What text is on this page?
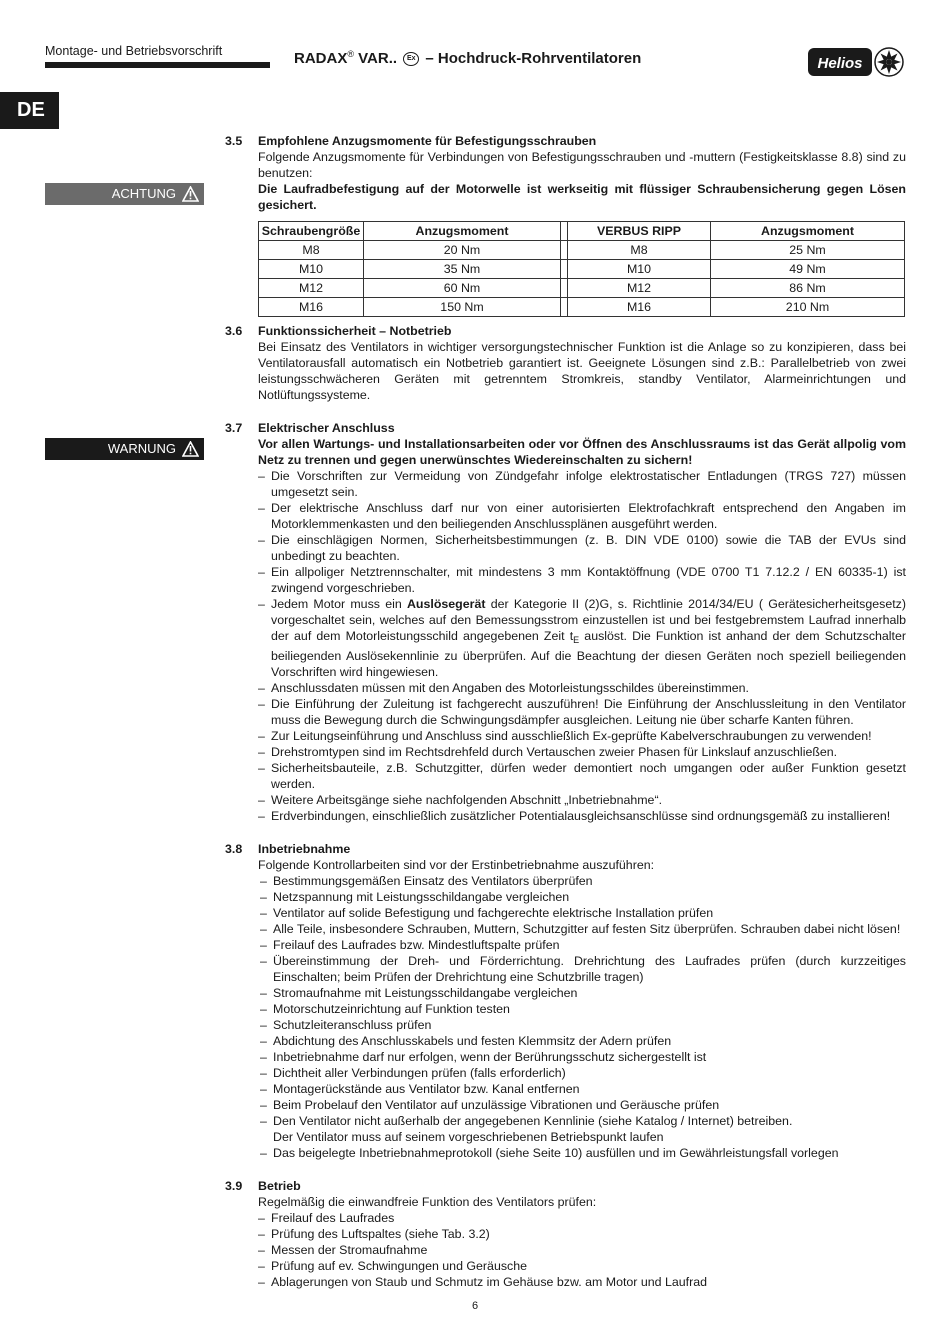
Montage- und Betriebsvorschrift	RADAX® VAR.. Ex – Hochdruck-Rohrventilatoren	Helios
DE
ACHTUNG
WARNUNG
3.5	Empfohlene Anzugsmomente für Befestigungsschrauben
Folgende Anzugsmomente für Verbindungen von Befestigungsschrauben und -muttern (Festigkeitsklasse 8.8) sind zu benutzen:
Die Laufradbefestigung auf der Motorwelle ist werkseitig mit flüssiger Schraubensicherung gegen Lösen gesichert.
Schraubengröße	Anzugsmoment		VERBUS RIPP	Anzugsmoment
M8	20 Nm		M8	25 Nm
M10	35 Nm		M10	49 Nm
M12	60 Nm		M12	86 Nm
M16	150 Nm		M16	210 Nm
3.6	Funktionssicherheit – Notbetrieb
Bei Einsatz des Ventilators in wichtiger versorgungstechnischer Funktion ist die Anlage so zu konzipieren, dass bei Ventilatorausfall automatisch ein Notbetrieb garantiert ist. Geeignete Lösungen sind z.B.: Parallelbetrieb von zwei leistungsschwächeren Geräten mit getrenntem Stromkreis, standby Ventilator, Alarmeinrichtungen und Notlüftungssysteme.
3.7	Elektrischer Anschluss
Vor allen Wartungs- und Installationsarbeiten oder vor Öffnen des Anschlussraums ist das Gerät allpolig vom Netz zu trennen und gegen unerwünschtes Wiedereinschalten zu sichern!
– Die Vorschriften zur Vermeidung von Zündgefahr infolge elektrostatischer Entladungen (TRGS 727) müssen umgesetzt sein.
– Der elektrische Anschluss darf nur von einer autorisierten Elektrofachkraft entsprechend den Angaben im Motorklemmenkasten und den beiliegenden Anschlussplänen ausgeführt werden.
– Die einschlägigen Normen, Sicherheitsbestimmungen (z. B. DIN VDE 0100) sowie die TAB der EVUs sind unbedingt zu beachten.
– Ein allpoliger Netztrennschalter, mit mindestens 3 mm Kontaktöffnung (VDE 0700 T1 7.12.2 / EN 60335-1) ist zwingend vorgeschrieben.
– Jedem Motor muss ein Auslösegerät der Kategorie II (2)G, s. Richtlinie 2014/34/EU ( Gerätesicherheitsgesetz) vorgeschaltet sein, welches auf den Bemessungsstrom einzustellen ist und bei festgebremstem Laufrad innerhalb der auf dem Motorleistungsschild angegebenen Zeit $t_E$ auslöst. Die Funktion ist anhand der dem Schutzschalter beiliegenden Auslösekennlinie zu überprüfen. Auf die Beachtung der diesen Geräten noch speziell beiliegenden Vorschriften wird hingewiesen.
– Anschlussdaten müssen mit den Angaben des Motorleistungsschildes übereinstimmen.
– Die Einführung der Zuleitung ist fachgerecht auszuführen! Die Einführung der Anschlussleitung in den Ventilator muss die Bewegung durch die Schwingungsdämpfer ausgleichen. Leitung nie über scharfe Kanten führen.
– Zur Leitungseinführung und Anschluss sind ausschließlich Ex-geprüfte Kabelverschraubungen zu verwenden!
– Drehstromtypen sind im Rechtsdrehfeld durch Vertauschen zweier Phasen für Linkslauf anzuschließen.
– Sicherheitsbauteile, z.B. Schutzgitter, dürfen weder demontiert noch umgangen oder außer Funktion gesetzt werden.
– Weitere Arbeitsgänge siehe nachfolgenden Abschnitt „Inbetriebnahme“.
– Erdverbindungen, einschließlich zusätzlicher Potentialausgleichsanschlüsse sind ordnungsgemäß zu installieren!
3.8	Inbetriebnahme
Folgende Kontrollarbeiten sind vor der Erstinbetriebnahme auszuführen:
– Bestimmungsgemäßen Einsatz des Ventilators überprüfen
– Netzspannung mit Leistungsschildangabe vergleichen
– Ventilator auf solide Befestigung und fachgerechte elektrische Installation prüfen
– Alle Teile, insbesondere Schrauben, Muttern, Schutzgitter auf festen Sitz überprüfen. Schrauben dabei nicht lösen!
– Freilauf des Laufrades bzw. Mindestluftspalte prüfen
– Übereinstimmung der Dreh- und Förderrichtung. Drehrichtung des Laufrades prüfen (durch kurzzeitiges Einschalten; beim Prüfen der Drehrichtung eine Schutzbrille tragen)
– Stromaufnahme mit Leistungsschildangabe vergleichen
– Motorschutzeinrichtung auf Funktion testen
– Schutzleiteranschluss prüfen
– Abdichtung des Anschlusskabels und festen Klemmsitz der Adern prüfen
– Inbetriebnahme darf nur erfolgen, wenn der Berührungsschutz sichergestellt ist
– Dichtheit aller Verbindungen prüfen (falls erforderlich)
– Montagerückstände aus Ventilator bzw. Kanal entfernen
– Beim Probelauf den Ventilator auf unzulässige Vibrationen und Geräusche prüfen
– Den Ventilator nicht außerhalb der angegebenen Kennlinie (siehe Katalog / Internet) betreiben.
Der Ventilator muss auf seinem vorgeschriebenen Betriebspunkt laufen
– Das beigelegte Inbetriebnahmeprotokoll (siehe Seite 10) ausfüllen und im Gewährleistungsfall vorlegen
3.9	Betrieb
Regelmäßig die einwandfreie Funktion des Ventilators prüfen:
– Freilauf des Laufrades
– Prüfung des Luftspaltes (siehe Tab. 3.2)
– Messen der Stromaufnahme
– Prüfung auf ev. Schwingungen und Geräusche
– Ablagerungen von Staub und Schmutz im Gehäuse bzw. am Motor und Laufrad
6
